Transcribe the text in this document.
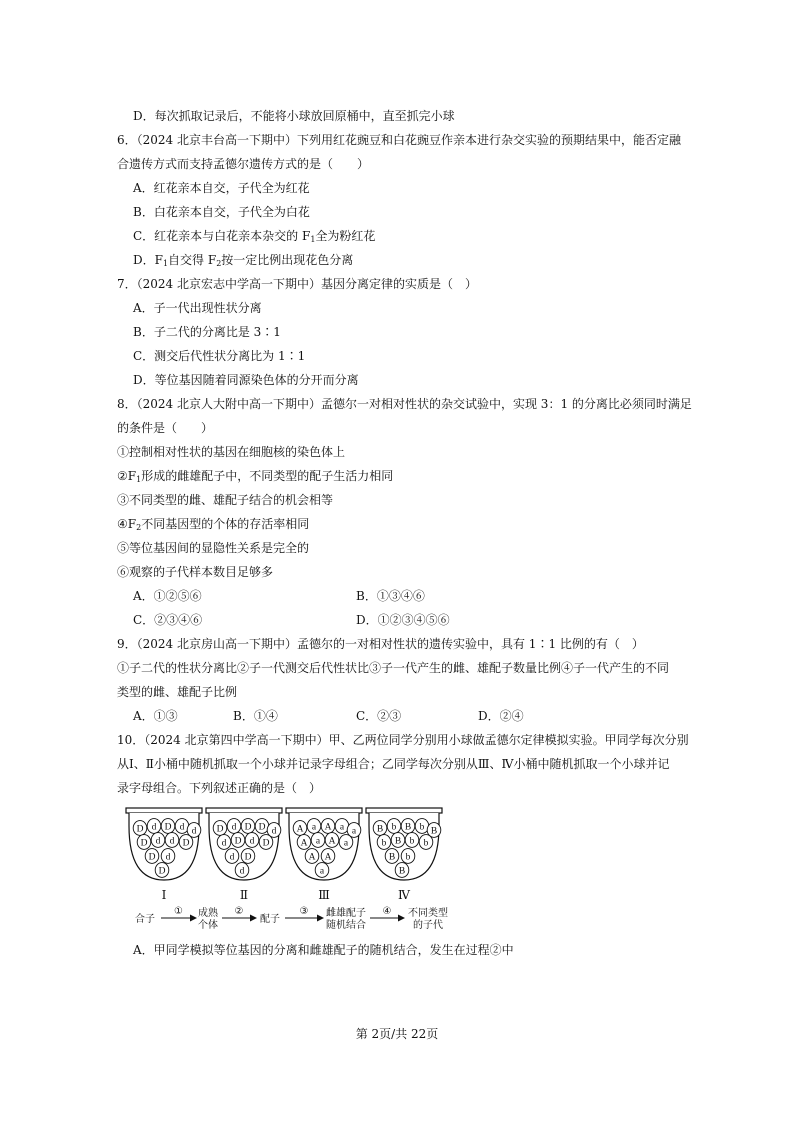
D．每次抓取记录后，不能将小球放回原桶中，直至抓完小球
6．（2024 北京丰台高一下期中）下列用红花豌豆和白花豌豆作亲本进行杂交实验的预期结果中，能否定融
合遗传方式而支持孟德尔遗传方式的是（　　）
A．红花亲本自交，子代全为红花
B．白花亲本自交，子代全为白花
C．红花亲本与白花亲本杂交的 $F_1$全为粉红花
D．$F_1$自交得 $F_2$按一定比例出现花色分离
7．（2024 北京宏志中学高一下期中）基因分离定律的实质是（　）
A．子一代出现性状分离
B．子二代的分离比是 3∶1
C．测交后代性状分离比为 1∶1
D．等位基因随着同源染色体的分开而分离
8．（2024 北京人大附中高一下期中）孟德尔一对相对性状的杂交试验中，实现 3：1 的分离比必须同时满足
的条件是（　　）
①控制相对性状的基因在细胞核的染色体上
$②F_1$形成的雌雄配子中，不同类型的配子生活力相同
③不同类型的雌、雄配子结合的机会相等
$④F_2$不同基因型的个体的存活率相同
⑤等位基因间的显隐性关系是完全的
⑥观察的子代样本数目足够多
A．①②⑤⑥	B．①③④⑥
C．②③④⑥	D．①②③④⑤⑥
9．（2024 北京房山高一下期中）孟德尔的一对相对性状的遗传实验中，具有 1∶1 比例的有（　）
①子二代的性状分离比②子一代测交后代性状比③子一代产生的雌、雄配子数量比例④子一代产生的不同
类型的雌、雄配子比例
A．①③	B．①④	C．②③	D．②④
10．（2024 北京第四中学高一下期中）甲、乙两位同学分别用小球做孟德尔定律模拟实验。甲同学每次分别
从Ⅰ、Ⅱ小桶中随机抓取一个小球并记录字母组合；乙同学每次分别从Ⅲ、Ⅳ小桶中随机抓取一个小球并记
录字母组合。下列叙述正确的是（　）
D d D d d
D d d D
D d
D
Ⅰ
D d D D d
d D d D
d D
d
Ⅱ
A a A a a
A a A a
A A
a
Ⅲ
B b B b B
b B b b
B b
B
Ⅳ
合子
① 成熟
个体
②
配子
③ 雌雄配子
随机结合
④ 不同类型
的子代
A．甲同学模拟等位基因的分离和雌雄配子的随机结合，发生在过程②中
第 2页/共 22页
